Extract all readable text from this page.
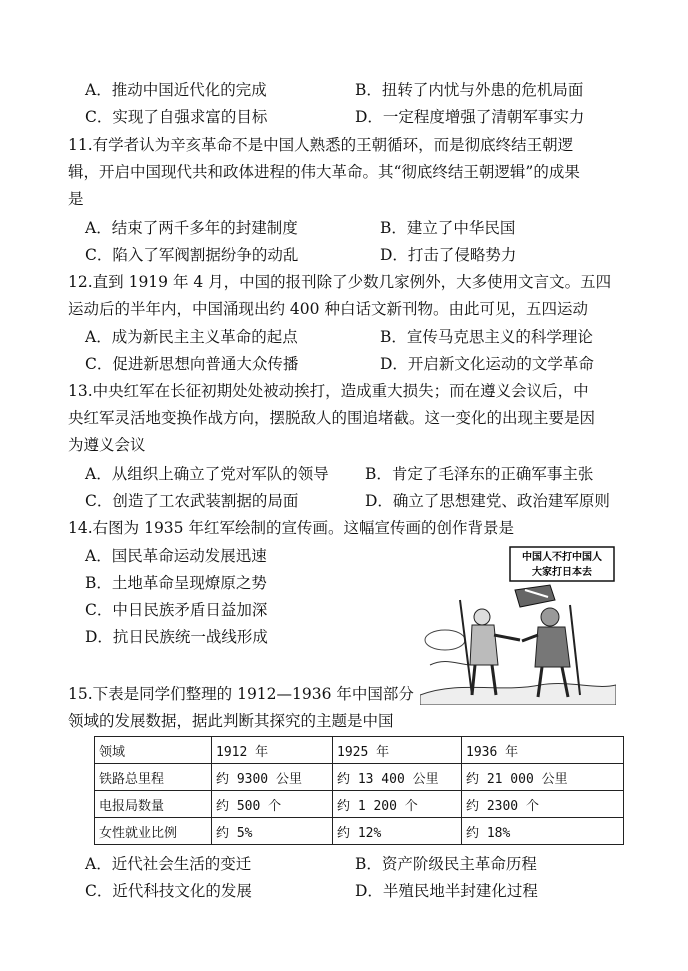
A．推动中国近代化的完成	B．扭转了内忧与外患的危机局面
C．实现了自强求富的目标	D．一定程度增强了清朝军事实力
11.有学者认为辛亥革命不是中国人熟悉的王朝循环，而是彻底终结王朝逻
辑，开启中国现代共和政体进程的伟大革命。其“彻底终结王朝逻辑”的成果
是
A．结束了两千多年的封建制度	B．建立了中华民国
C．陷入了军阀割据纷争的动乱	D．打击了侵略势力
12.直到 1919 年 4 月，中国的报刊除了少数几家例外，大多使用文言文。五四
运动后的半年内，中国涌现出约 400 种白话文新刊物。由此可见，五四运动
A．成为新民主主义革命的起点	B．宣传马克思主义的科学理论
C．促进新思想向普通大众传播	D．开启新文化运动的文学革命
13.中央红军在长征初期处处被动挨打，造成重大损失；而在遵义会议后，中
央红军灵活地变换作战方向，摆脱敌人的围追堵截。这一变化的出现主要是因
为遵义会议
A．从组织上确立了党对军队的领导 B．肯定了毛泽东的正确军事主张
C．创造了工农武装割据的局面	D．确立了思想建党、政治建军原则
14.右图为 1935 年红军绘制的宣传画。这幅宣传画的创作背景是
A．国民革命运动发展迅速
B．土地革命呈现燎原之势
C．中日民族矛盾日益加深
D．抗日民族统一战线形成
中国人不打中国人
大家打日本去
15.下表是同学们整理的 1912—1936 年中国部分
领域的发展数据，据此判断其探究的主题是中国
领域	1912 年	1925 年	1936 年
铁路总里程	约 9300 公里	约 13 400 公里	约 21 000 公里
电报局数量	约 500 个	约 1 200 个	约 2300 个
女性就业比例	约 5%	约 12%	约 18%
A．近代社会生活的变迁	B．资产阶级民主革命历程
C．近代科技文化的发展	D．半殖民地半封建化过程
